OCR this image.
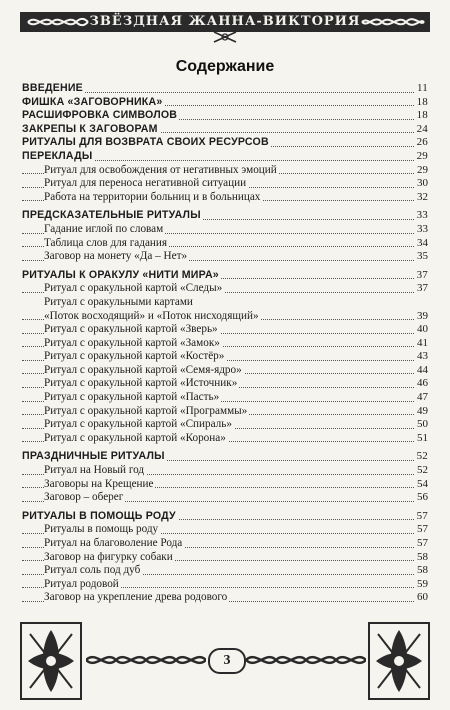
ЗВЁЗДНАЯ ЖАННА-ВИКТОРИЯ
Содержание
ВВЕДЕНИЕ	11
ФИШКА «ЗАГОВОРНИКА»	18
РАСШИФРОВКА СИМВОЛОВ	18
ЗАКРЕПЫ К ЗАГОВОРАМ	24
РИТУАЛЫ ДЛЯ ВОЗВРАТА СВОИХ РЕСУРСОВ	26
ПЕРЕКЛАДЫ	29
Ритуал для освобождения от негативных эмоций	29
Ритуал для переноса негативной ситуации	30
Работа на территории больниц и в больницах	32
ПРЕДСКАЗАТЕЛЬНЫЕ РИТУАЛЫ	33
Гадание иглой по словам	33
Таблица слов для гадания	34
Заговор на монету «Да – Нет»	35
РИТУАЛЫ К ОРАКУЛУ «НИТИ МИРА»	37
Ритуал с оракульной картой «Следы»	37
Ритуал с оракульными картами
«Поток восходящий» и «Поток нисходящий»	39
Ритуал с оракульной картой «Зверь»	40
Ритуал с оракульной картой «Замок»	41
Ритуал с оракульной картой «Костёр»	43
Ритуал с оракульной картой «Семя-ядро»	44
Ритуал с оракульной картой «Источник»	46
Ритуал с оракульной картой «Пасть»	47
Ритуал с оракульной картой «Программы»	49
Ритуал с оракульной картой «Спираль»	50
Ритуал с оракульной картой «Корона»	51
ПРАЗДНИЧНЫЕ РИТУАЛЫ	52
Ритуал на Новый год	52
Заговоры на Крещение	54
Заговор – оберег	56
РИТУАЛЫ В ПОМОЩЬ РОДУ	57
Ритуалы в помощь роду	57
Ритуал на благоволение Рода	57
Заговор на фигурку собаки	58
Ритуал соль под дуб	58
Ритуал родовой	59
Заговор на укрепление древа родового	60
3
